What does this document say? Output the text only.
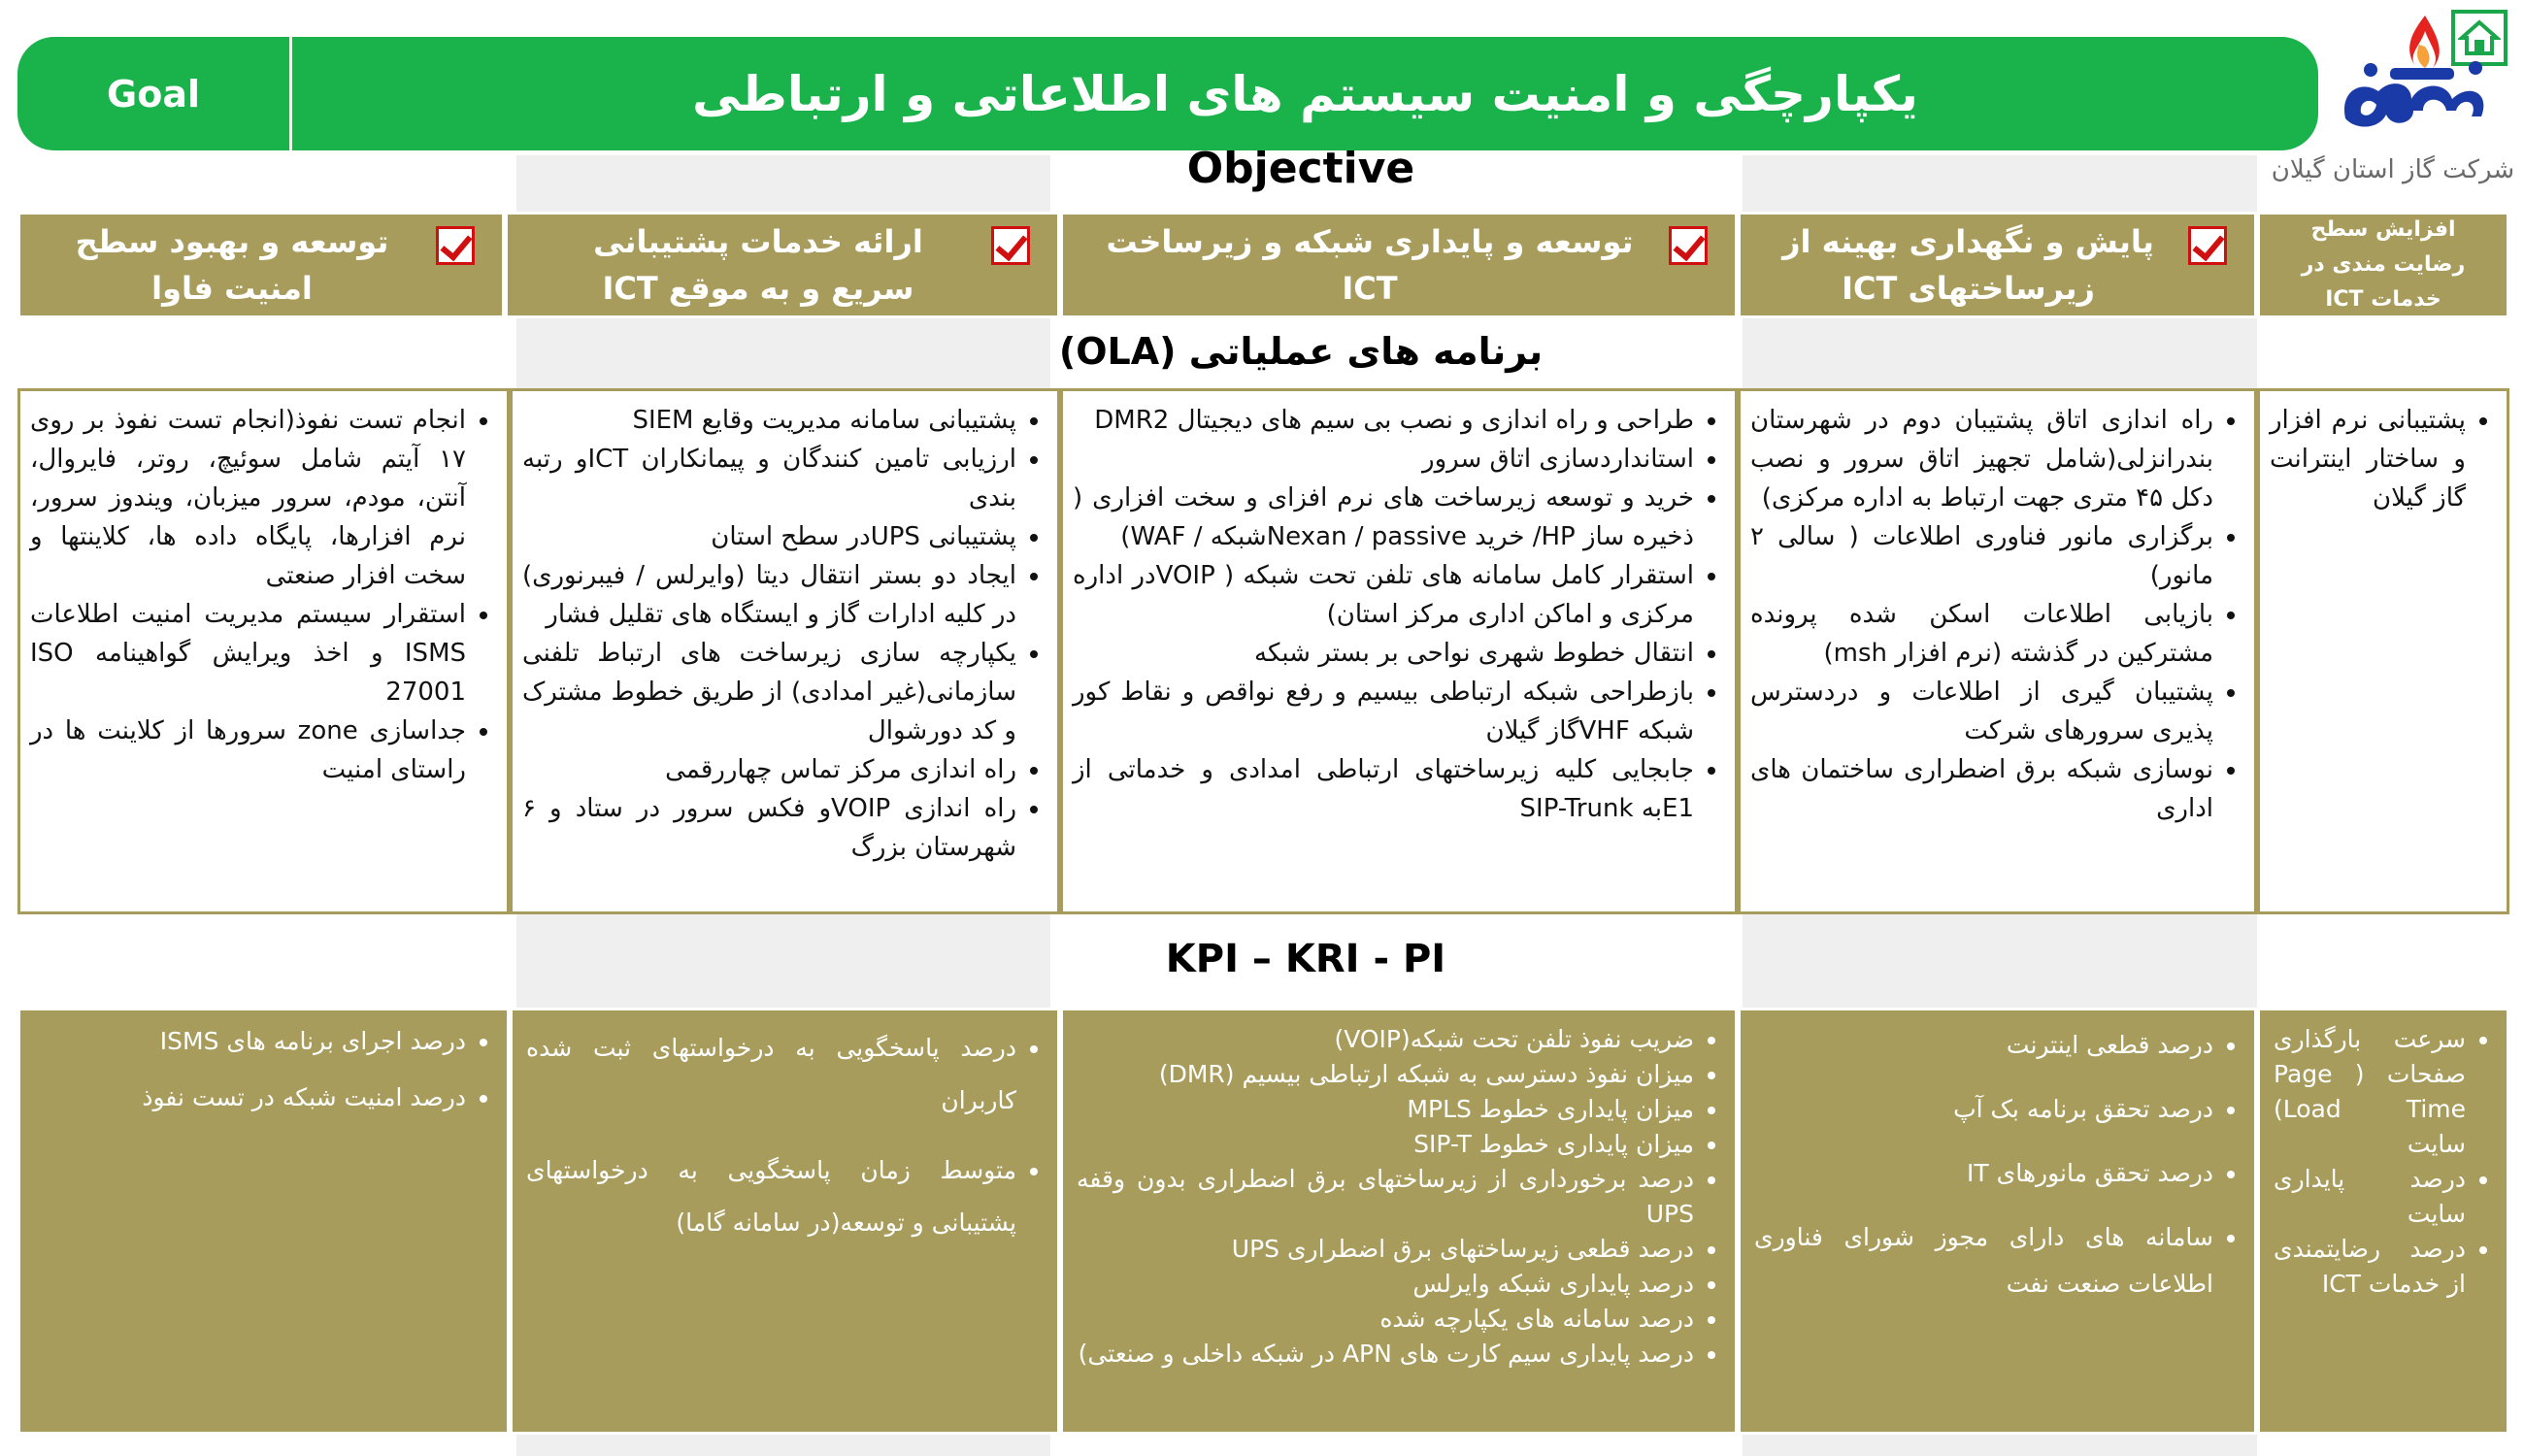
Goal	یکپارچگی و امنیت سیستم های اطلاعاتی و ارتباطی
شرکت گاز استان گیلان
Objective
توسعه و بهبود سطح امنیت فاوا
ارائه خدمات پشتیبانی سریع و به موقع ICT
توسعه و پایداری شبکه و زیرساخت ICT
پایش و نگهداری بهینه از زیرساختهای ICT
افزایش سطح رضایت مندی در خدمات ICT
برنامه های عملیاتی (OLA)
• پشتیبانی نرم افزار و ساختار اینترانت گاز گیلان
• راه اندازی اتاق پشتیبان دوم در شهرستان بندرانزلی(شامل تجهیز اتاق سرور و نصب دکل ۴۵ متری جهت ارتباط به اداره مرکزی)
• برگزاری مانور فناوری اطلاعات ( سالی ۲ مانور)
• بازیابی اطلاعات اسکن شده پرونده مشترکین در گذشته (نرم افزار msh)
• پشتیبان گیری از اطلاعات و دردسترس پذیری سرورهای شرکت
• نوسازی شبکه برق اضطراری ساختمان های اداری
• طراحی و راه اندازی و نصب بی سیم های دیجیتال DMR2
• استانداردسازی اتاق سرور
• خرید و توسعه زیرساخت های نرم افزای و سخت افزاری ( ذخیره ساز HP/ خرید Nexan / passiveشبکه / WAF)
• استقرار کامل سامانه های تلفن تحت شبکه ( VOIPدر اداره مرکزی و اماکن اداری مرکز استان)
• انتقال خطوط شهری نواحی بر بستر شبکه
• بازطراحی شبکه ارتباطی بیسیم و رفع نواقص و نقاط کور شبکه VHFگاز گیلان
• جابجایی کلیه زیرساختهای ارتباطی امدادی و خدماتی از E1به SIP-Trunk
• پشتیبانی سامانه مدیریت وقایع SIEM
• ارزیابی تامین کنندگان و پیمانکاران ICTو رتبه بندی
• پشتیبانی UPSدر سطح استان
• ایجاد دو بستر انتقال دیتا (وایرلس / فیبرنوری) در کلیه ادارات گاز و ایستگاه های تقلیل فشار
• یکپارچه سازی زیرساخت های ارتباط تلفنی سازمانی(غیر امدادی) از طریق خطوط مشترک و کد دورشوال
• راه اندازی مرکز تماس چهاررقمی
• راه اندازی VOIPو فکس سرور در ستاد و ۶ شهرستان بزرگ
• انجام تست نفوذ(انجام تست نفوذ بر روی ۱۷ آیتم شامل سوئیچ، روتر، فایروال، آنتن، مودم، سرور میزبان، ویندوز سرور، نرم افزارها، پایگاه داده ها، کلاینتها و سخت افزار صنعتی
• استقرار سیستم مدیریت امنیت اطلاعات ISMS و اخذ ویرایش گواهینامه ISO 27001
• جداسازی zone سرورها از کلاینت ها در راستای امنیت
KPI – KRI - PI
• سرعت بارگذاری صفحات ( Page Load Time) سایت
• درصد پایداری سایت
• درصد رضایتمندی از خدمات ICT
• درصد قطعی اینترنت
• درصد تحقق برنامه بک آپ
• درصد تحقق مانورهای IT
• سامانه های دارای مجوز شورای فناوری اطلاعات صنعت نفت
• ضریب نفوذ تلفن تحت شبکه(VOIP)
• میزان نفوذ دسترسی به شبکه ارتباطی بیسیم (DMR)
• میزان پایداری خطوط MPLS
• میزان پایداری خطوط SIP-T
• درصد برخورداری از زیرساختهای برق اضطراری بدون وقفه UPS
• درصد قطعی زیرساختهای برق اضطراری UPS
• درصد پایداری شبکه وایرلس
• درصد سامانه های یکپارچه شده
• درصد پایداری سیم کارت های APN در شبکه داخلی و صنعتی)
• درصد پاسخگویی به درخواستهای ثبت شده کاربران
• متوسط زمان پاسخگویی به درخواستهای پشتیبانی و توسعه(در سامانه گاما)
• درصد اجرای برنامه های ISMS
• درصد امنیت شبکه در تست نفوذ
